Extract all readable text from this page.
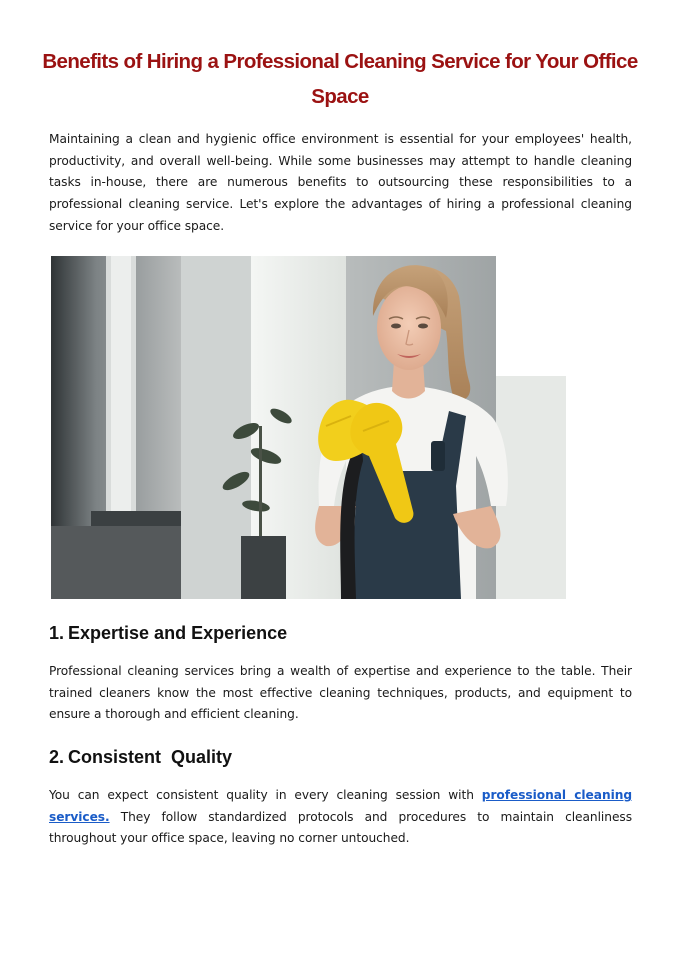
Benefits of Hiring a Professional Cleaning Service for Your Office Space

Maintaining a clean and hygienic office environment is essential for your employees' health, productivity, and overall well-being. While some businesses may attempt to handle cleaning tasks in-house, there are numerous benefits to outsourcing these responsibilities to a professional cleaning service. Let's explore the advantages of hiring a professional cleaning service for your office space.

1. Expertise and Experience

Professional cleaning services bring a wealth of expertise and experience to the table. Their trained cleaners know the most effective cleaning techniques, products, and equipment to ensure a thorough and efficient cleaning.

2. Consistent  Quality

You can expect consistent quality in every cleaning session with professional cleaning services. They follow standardized protocols and procedures to maintain cleanliness throughout your office space, leaving no corner untouched.
